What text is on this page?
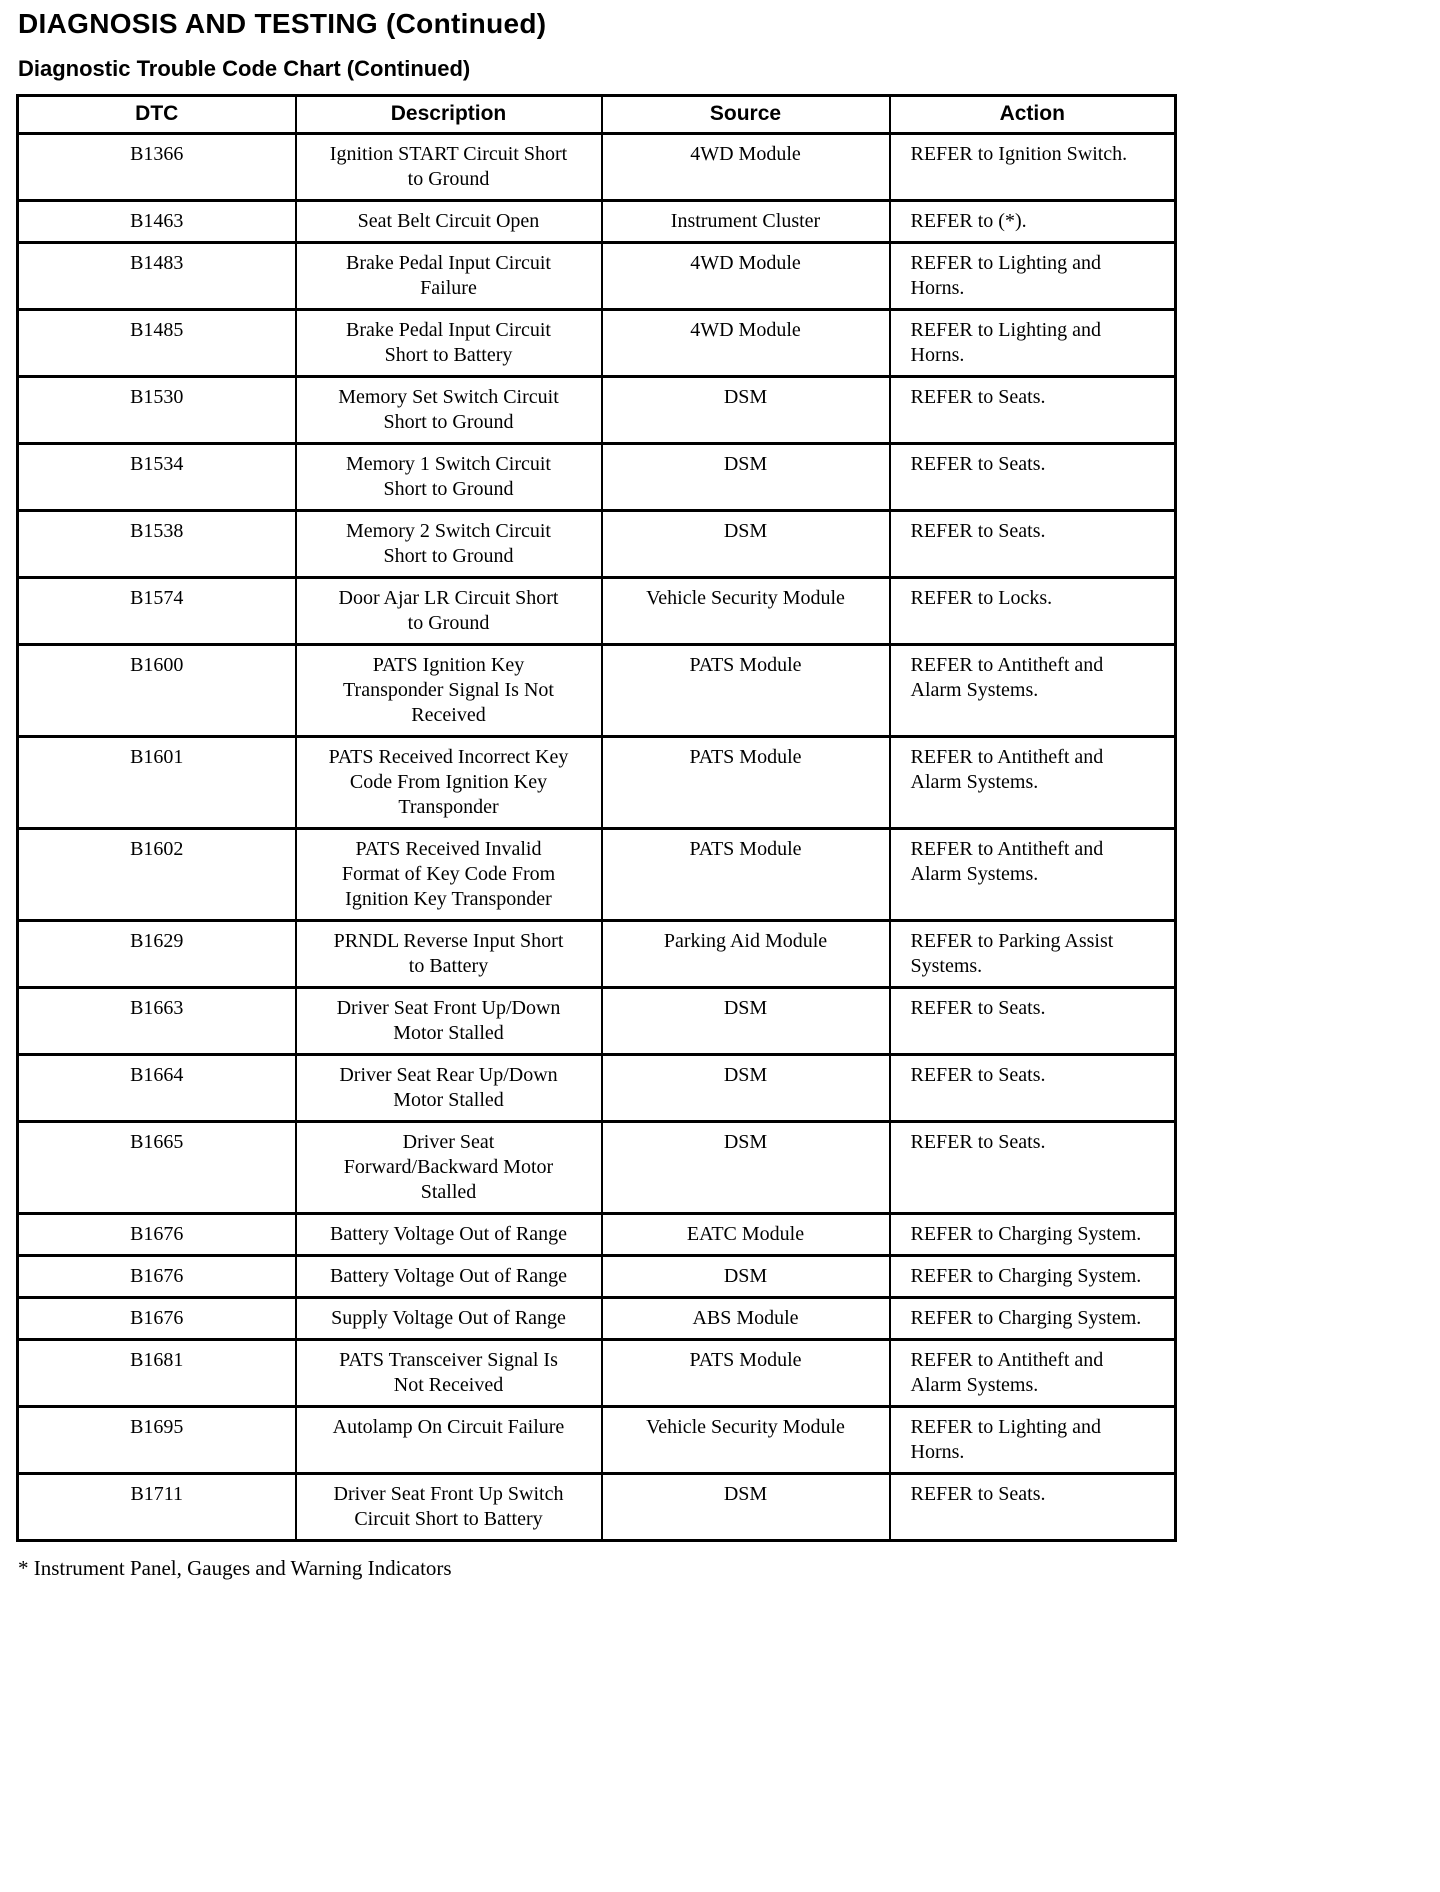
DIAGNOSIS AND TESTING (Continued)
Diagnostic Trouble Code Chart (Continued)
DTC	Description	Source	Action
B1366	Ignition START Circuit Short to Ground	4WD Module	REFER to Ignition Switch.
B1463	Seat Belt Circuit Open	Instrument Cluster	REFER to (*).
B1483	Brake Pedal Input Circuit Failure	4WD Module	REFER to Lighting and Horns.
B1485	Brake Pedal Input Circuit Short to Battery	4WD Module	REFER to Lighting and Horns.
B1530	Memory Set Switch Circuit Short to Ground	DSM	REFER to Seats.
B1534	Memory 1 Switch Circuit Short to Ground	DSM	REFER to Seats.
B1538	Memory 2 Switch Circuit Short to Ground	DSM	REFER to Seats.
B1574	Door Ajar LR Circuit Short to Ground	Vehicle Security Module	REFER to Locks.
B1600	PATS Ignition Key Transponder Signal Is Not Received	PATS Module	REFER to Antitheft and Alarm Systems.
B1601	PATS Received Incorrect Key Code From Ignition Key Transponder	PATS Module	REFER to Antitheft and Alarm Systems.
B1602	PATS Received Invalid Format of Key Code From Ignition Key Transponder	PATS Module	REFER to Antitheft and Alarm Systems.
B1629	PRNDL Reverse Input Short to Battery	Parking Aid Module	REFER to Parking Assist Systems.
B1663	Driver Seat Front Up/Down Motor Stalled	DSM	REFER to Seats.
B1664	Driver Seat Rear Up/Down Motor Stalled	DSM	REFER to Seats.
B1665	Driver Seat Forward/Backward Motor Stalled	DSM	REFER to Seats.
B1676	Battery Voltage Out of Range	EATC Module	REFER to Charging System.
B1676	Battery Voltage Out of Range	DSM	REFER to Charging System.
B1676	Supply Voltage Out of Range	ABS Module	REFER to Charging System.
B1681	PATS Transceiver Signal Is Not Received	PATS Module	REFER to Antitheft and Alarm Systems.
B1695	Autolamp On Circuit Failure	Vehicle Security Module	REFER to Lighting and Horns.
B1711	Driver Seat Front Up Switch Circuit Short to Battery	DSM	REFER to Seats.
* Instrument Panel, Gauges and Warning Indicators
